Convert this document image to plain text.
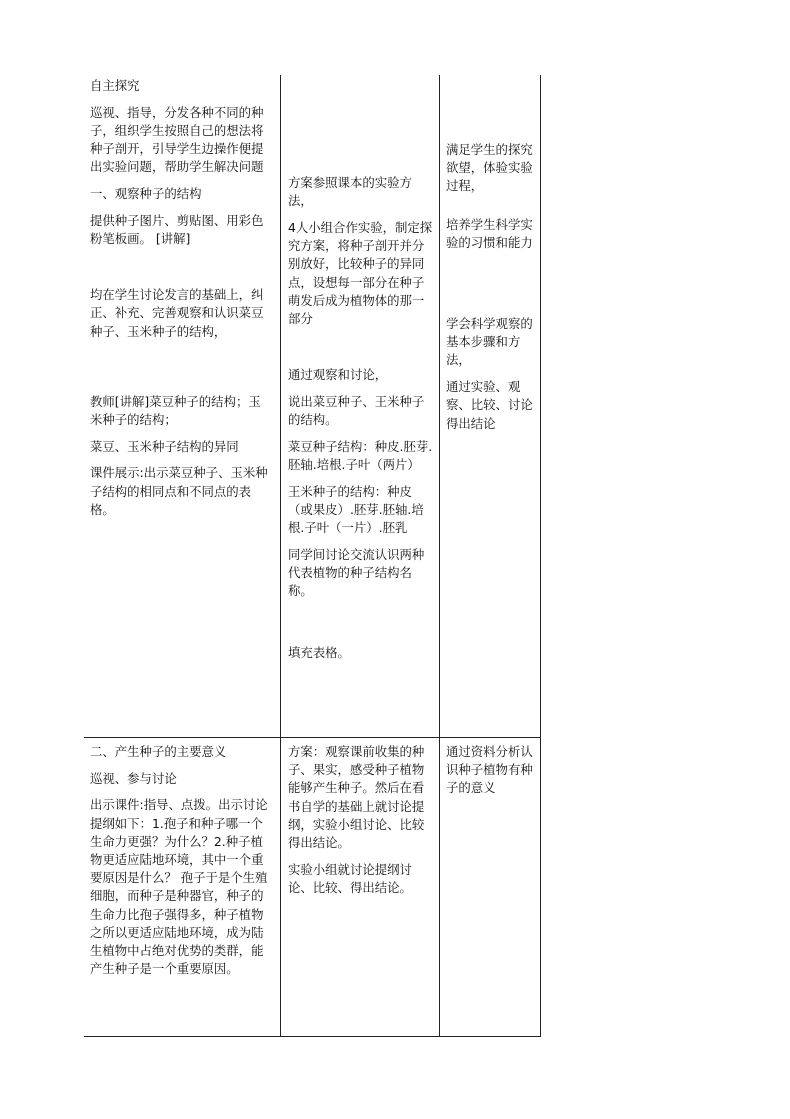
自主探究

巡视、指导，分发各种不同的种子，组织学生按照自己的想法将种子剖开，引导学生边操作便提出实验问题，帮助学生解决问题

一、观察种子的结构

提供种子图片、剪贴图、用彩色粉笔板画。 [讲解]

均在学生讨论发言的基础上，纠正、补充、完善观察和认识菜豆种子、玉米种子的结构，

教师[讲解]菜豆种子的结构；玉米种子的结构；

菜豆、玉米种子结构的异同

课件展示:出示菜豆种子、玉米种子结构的相同点和不同点的表格。

方案参照课本的实验方法，

4人小组合作实验，制定探究方案，将种子剖开并分别放好，比较种子的异同点，设想每一部分在种子萌发后成为植物体的那一部分

通过观察和讨论，

说出菜豆种子、王米种子的结构。

菜豆种子结构：种皮.胚芽.胚轴.培根.子叶（两片）

王米种子的结构：种皮（或果皮）.胚芽.胚轴.培根.子叶（一片）.胚乳

同学间讨论交流认识两种代表植物的种子结构名称。

填充表格。

满足学生的探究欲望，体验实验过程，

培养学生科学实验的习惯和能力

学会科学观察的基本步骤和方法，

通过实验、观察、比较、讨论得出结论

二、产生种子的主要意义

巡视、参与讨论

出示课件:指导、点拨。出示讨论提纲如下：1.孢子和种子哪一个生命力更强？为什么？2.种子植物更适应陆地环境，其中一个重要原因是什么？ 孢子于是个生殖细胞，而种子是种器官，种子的生命力比孢子强得多，种子植物之所以更适应陆地环境，成为陆生植物中占绝对优势的类群，能产生种子是一个重要原因。

方案：观察课前收集的种子、果实，感受种子植物能够产生种子。然后在看书自学的基础上就讨论提纲，实验小组讨论、比较得出结论。

实验小组就讨论提纲讨论、比较、得出结论。

通过资料分析认识种子植物有种子的意义
